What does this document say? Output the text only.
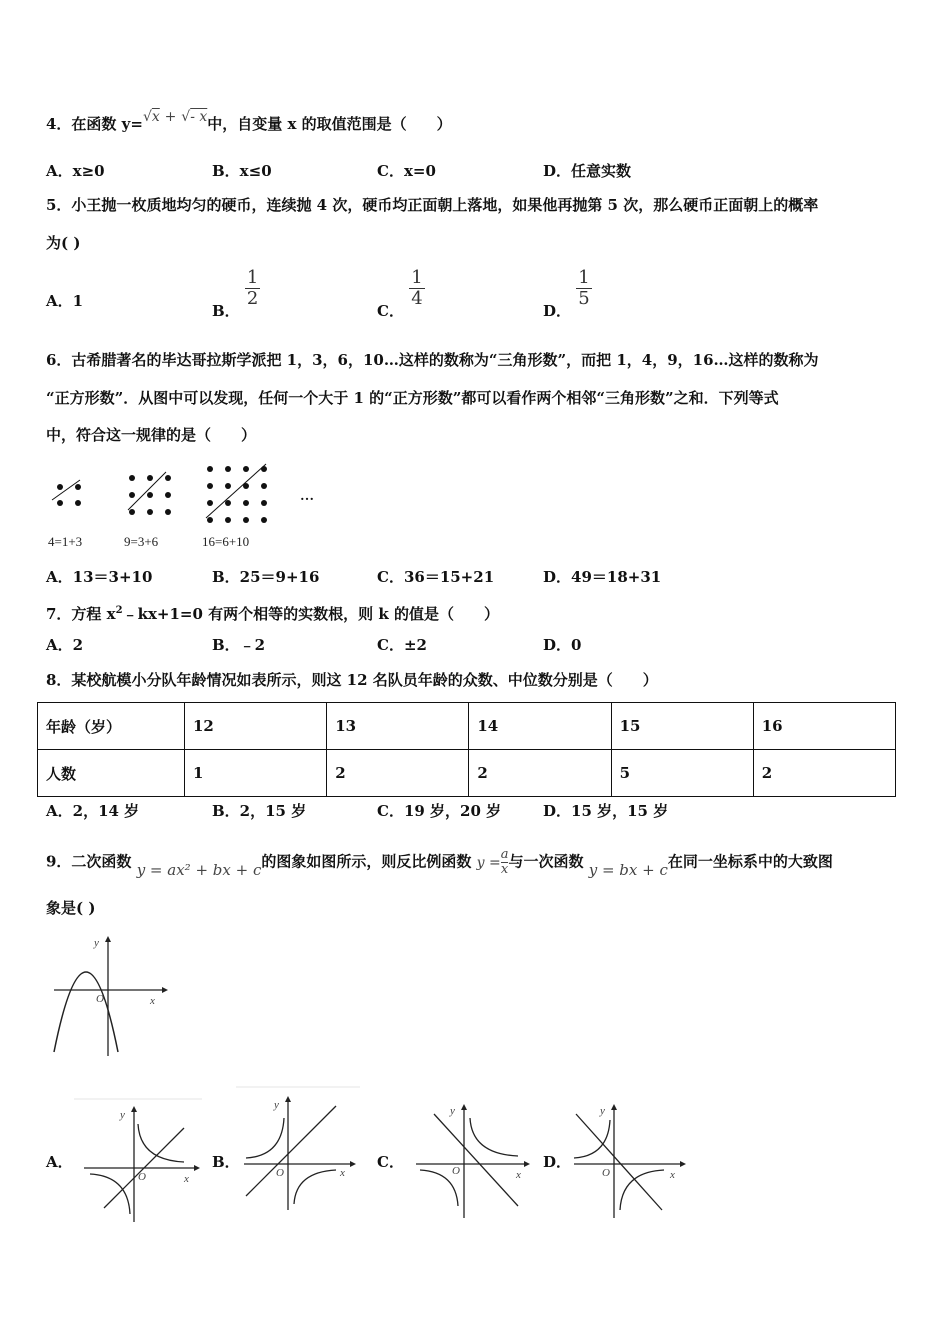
4．在函数 y=√x + √- x中，自变量 x 的取值范围是（　　）
A．x≥0	B．x≤0	C．x=0	D．任意实数
5．小王抛一枚质地均匀的硬币，连续抛 4 次，硬币均正面朝上落地，如果他再抛第 5 次，那么硬币正面朝上的概率
为( )
A．1
B．
$\frac{1}{2}$
C．
$\frac{1}{4}$
D．
$\frac{1}{5}$
6．古希腊著名的毕达哥拉斯学派把 1，3，6，10…这样的数称为“三角形数”，而把 1，4，9，16…这样的数称为
“正方形数”．从图中可以发现，任何一个大于 1 的“正方形数”都可以看作两个相邻“三角形数”之和．下列等式
中，符合这一规律的是（　　）
4=1+3	9=3+6	16=6+10
…
A．13＝3+10	B．25＝9+16	C．36＝15+21	D．49＝18+31
7．方程 $x^2﹣kx+1=0$ 有两个相等的实数根，则 k 的值是（　　）
A．2	B．﹣2	C．±2	D．0
8．某校航模小分队年龄情况如表所示，则这 12 名队员年龄的众数、中位数分别是（　　）
年龄（岁）	12	13	14	15	16
人数	1	2	2	5	2
A．2，14 岁	B．2，15 岁	C．19 岁，20 岁	D．15 岁，15 岁
9．二次函数 y = ax² + bx + c的图象如图所示，则反比例函数 $y = \frac{a}{x}$与一次函数 y = bx + c在同一坐标系中的大致图
象是( )
y
x
O
A．
y
x
O
B．
y
x
O
C．
y
x
O	D．
y
x
O
